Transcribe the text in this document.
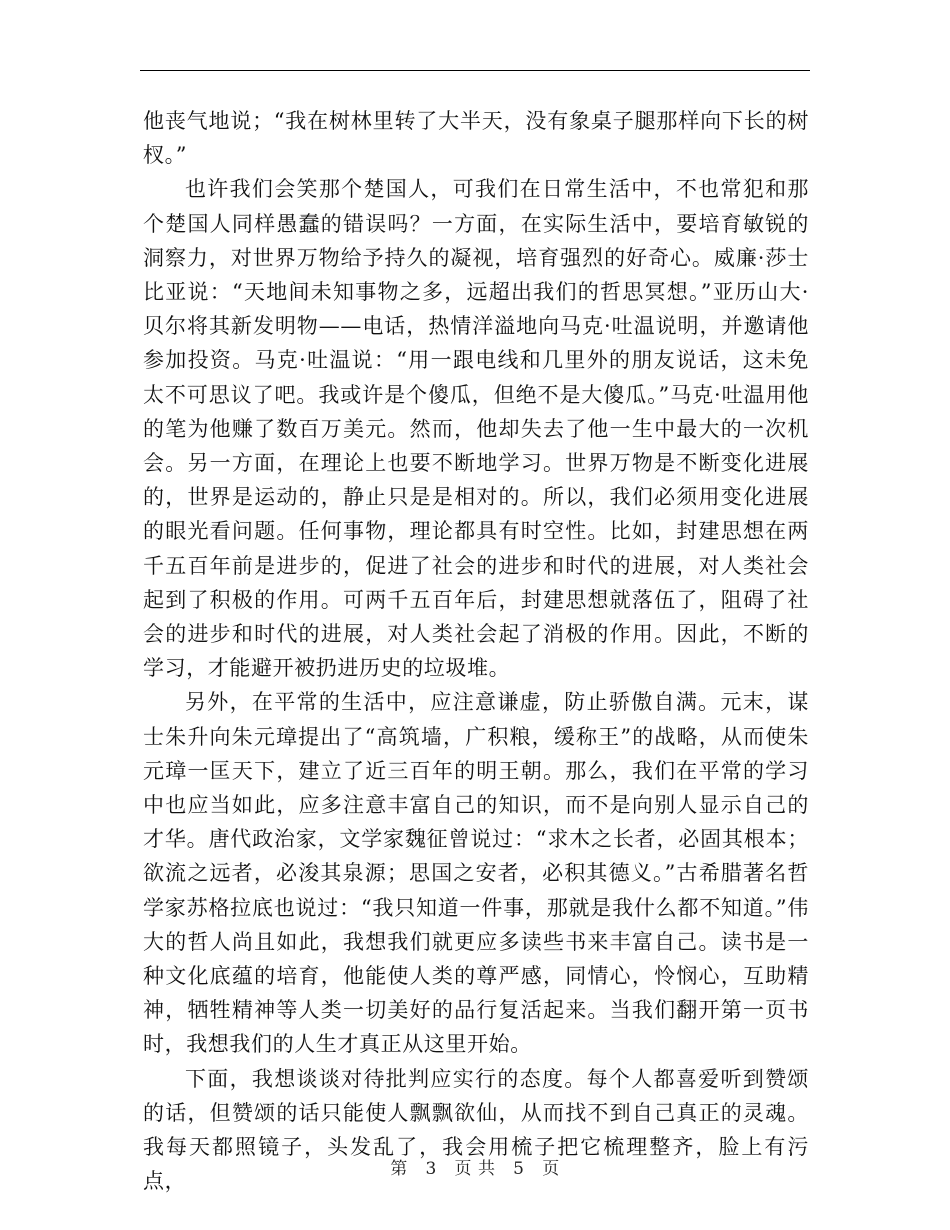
他丧气地说；“我在树林里转了大半天，没有象桌子腿那样向下长的树杈。”

也许我们会笑那个楚国人，可我们在日常生活中，不也常犯和那个楚国人同样愚蠢的错误吗？一方面，在实际生活中，要培育敏锐的洞察力，对世界万物给予持久的凝视，培育强烈的好奇心。威廉·莎士比亚说：“天地间未知事物之多，远超出我们的哲思冥想。”亚历山大·贝尔将其新发明物——电话，热情洋溢地向马克·吐温说明，并邀请他参加投资。马克·吐温说：“用一跟电线和几里外的朋友说话，这未免太不可思议了吧。我或许是个傻瓜，但绝不是大傻瓜。”马克·吐温用他的笔为他赚了数百万美元。然而，他却失去了他一生中最大的一次机会。另一方面，在理论上也要不断地学习。世界万物是不断变化进展的，世界是运动的，静止只是是相对的。所以，我们必须用变化进展的眼光看问题。任何事物，理论都具有时空性。比如，封建思想在两千五百年前是进步的，促进了社会的进步和时代的进展，对人类社会起到了积极的作用。可两千五百年后，封建思想就落伍了，阻碍了社会的进步和时代的进展，对人类社会起了消极的作用。因此，不断的学习，才能避开被扔进历史的垃圾堆。

另外，在平常的生活中，应注意谦虚，防止骄傲自满。元末，谋士朱升向朱元璋提出了“高筑墙，广积粮，缓称王”的战略，从而使朱元璋一匡天下，建立了近三百年的明王朝。那么，我们在平常的学习中也应当如此，应多注意丰富自己的知识，而不是向别人显示自己的才华。唐代政治家，文学家魏征曾说过：“求木之长者，必固其根本；欲流之远者，必浚其泉源；思国之安者，必积其德义。”古希腊著名哲学家苏格拉底也说过：“我只知道一件事，那就是我什么都不知道。”伟大的哲人尚且如此，我想我们就更应多读些书来丰富自己。读书是一种文化底蕴的培育，他能使人类的尊严感，同情心，怜悯心，互助精神，牺牲精神等人类一切美好的品行复活起来。当我们翻开第一页书时，我想我们的人生才真正从这里开始。

下面，我想谈谈对待批判应实行的态度。每个人都喜爱听到赞颂的话，但赞颂的话只能使人飘飘欲仙，从而找不到自己真正的灵魂。我每天都照镜子，头发乱了，我会用梳子把它梳理整齐，脸上有污点，

第 3 页 共 5 页
